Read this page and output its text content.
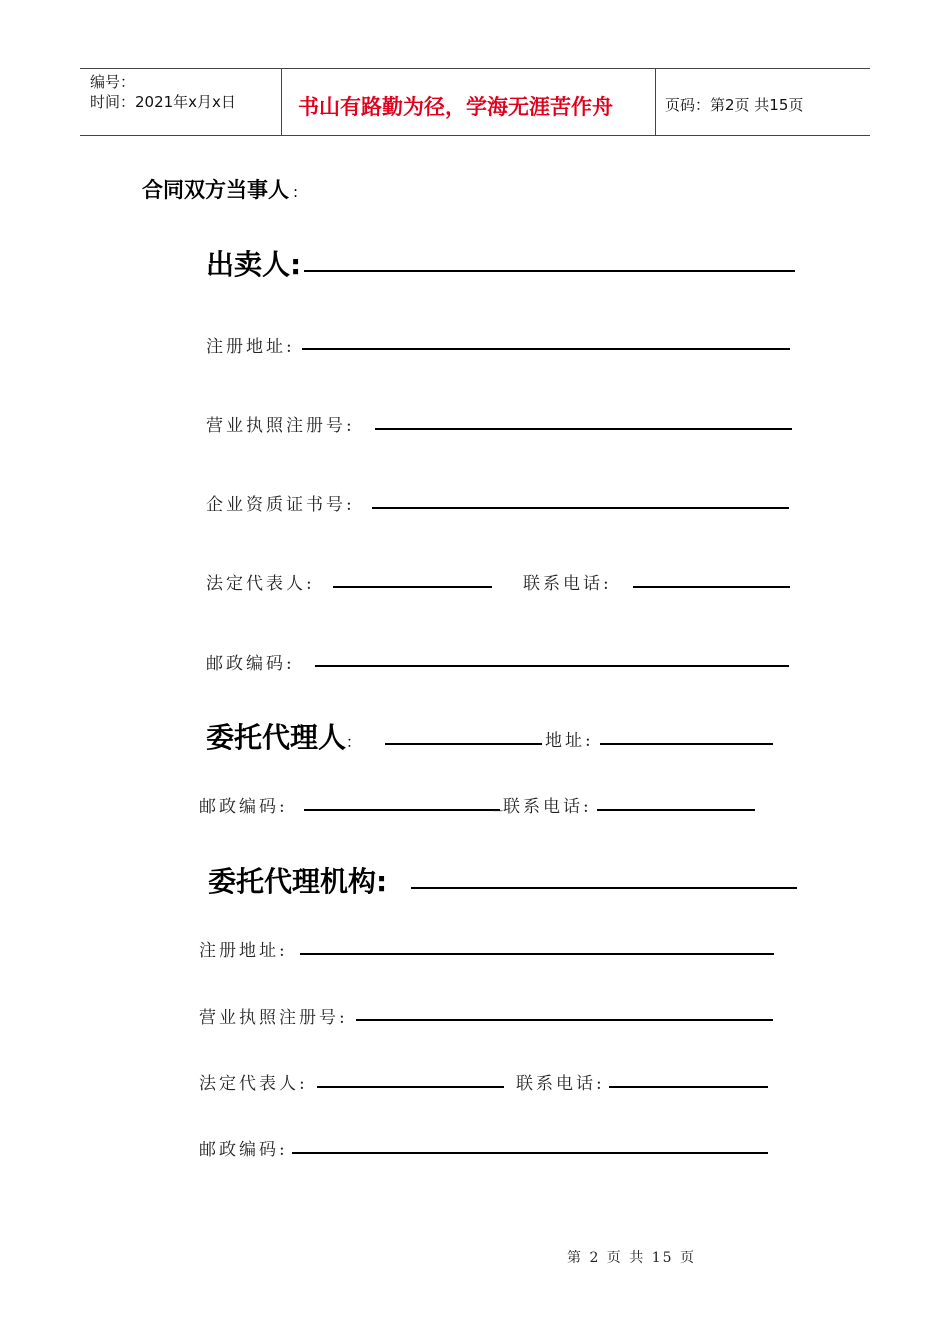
编号：
时间：2021年x月x日	书山有路勤为径，学海无涯苦作舟	页码：第2页 共15页
合同双方当事人 :
出卖人:
注册地址:
营业执照注册号:
企业资质证书号:
法定代表人:	联系电话:
邮政编码:
委托代理人：	地址:
邮政编码:	_ 联系电话:
委托代理机构:
注册地址:
营业执照注册号:
法定代表人:	联系电话:
邮政编码:
第 2 页 共 15 页
